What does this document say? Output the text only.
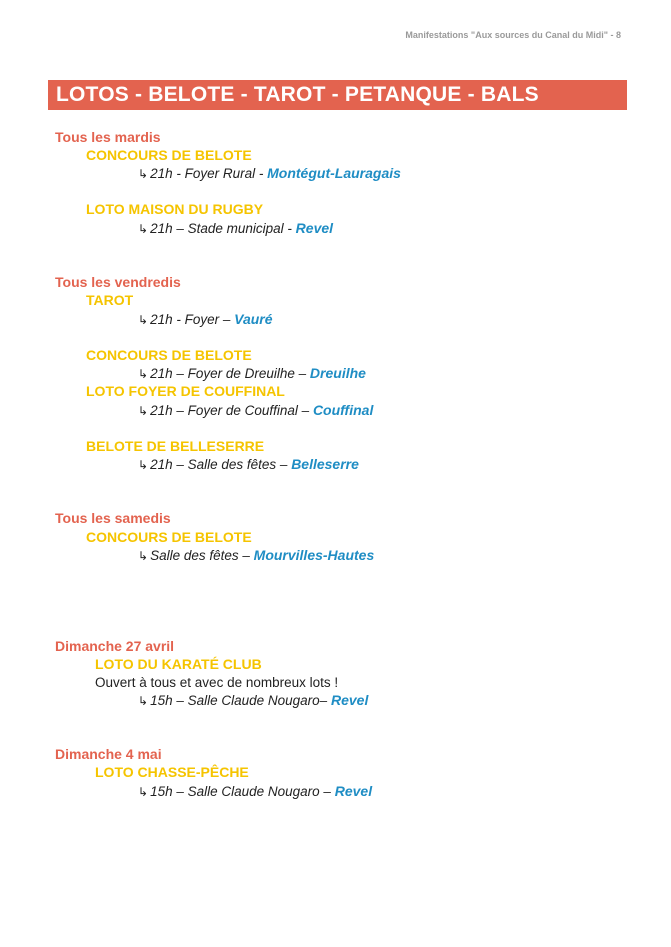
Manifestations "Aux sources du Canal du Midi" - 8
LOTOS - BELOTE - TAROT - PETANQUE - BALS
Tous les mardis
CONCOURS DE BELOTE
↳ 21h - Foyer Rural - Montégut-Lauragais
LOTO MAISON DU RUGBY
↳ 21h – Stade municipal - Revel
Tous les vendredis
TAROT
↳ 21h - Foyer – Vauré
CONCOURS DE BELOTE
↳ 21h – Foyer de Dreuilhe – Dreuilhe
LOTO FOYER DE COUFFINAL
↳ 21h – Foyer de Couffinal – Couffinal
BELOTE DE BELLESERRE
↳ 21h – Salle des fêtes – Belleserre
Tous les samedis
CONCOURS DE BELOTE
↳ Salle des fêtes – Mourvilles-Hautes
Dimanche 27 avril
LOTO DU KARATÉ CLUB
Ouvert à tous et avec de nombreux lots !
↳ 15h – Salle Claude Nougaro– Revel
Dimanche 4 mai
LOTO CHASSE-PÊCHE
↳ 15h – Salle Claude Nougaro – Revel
